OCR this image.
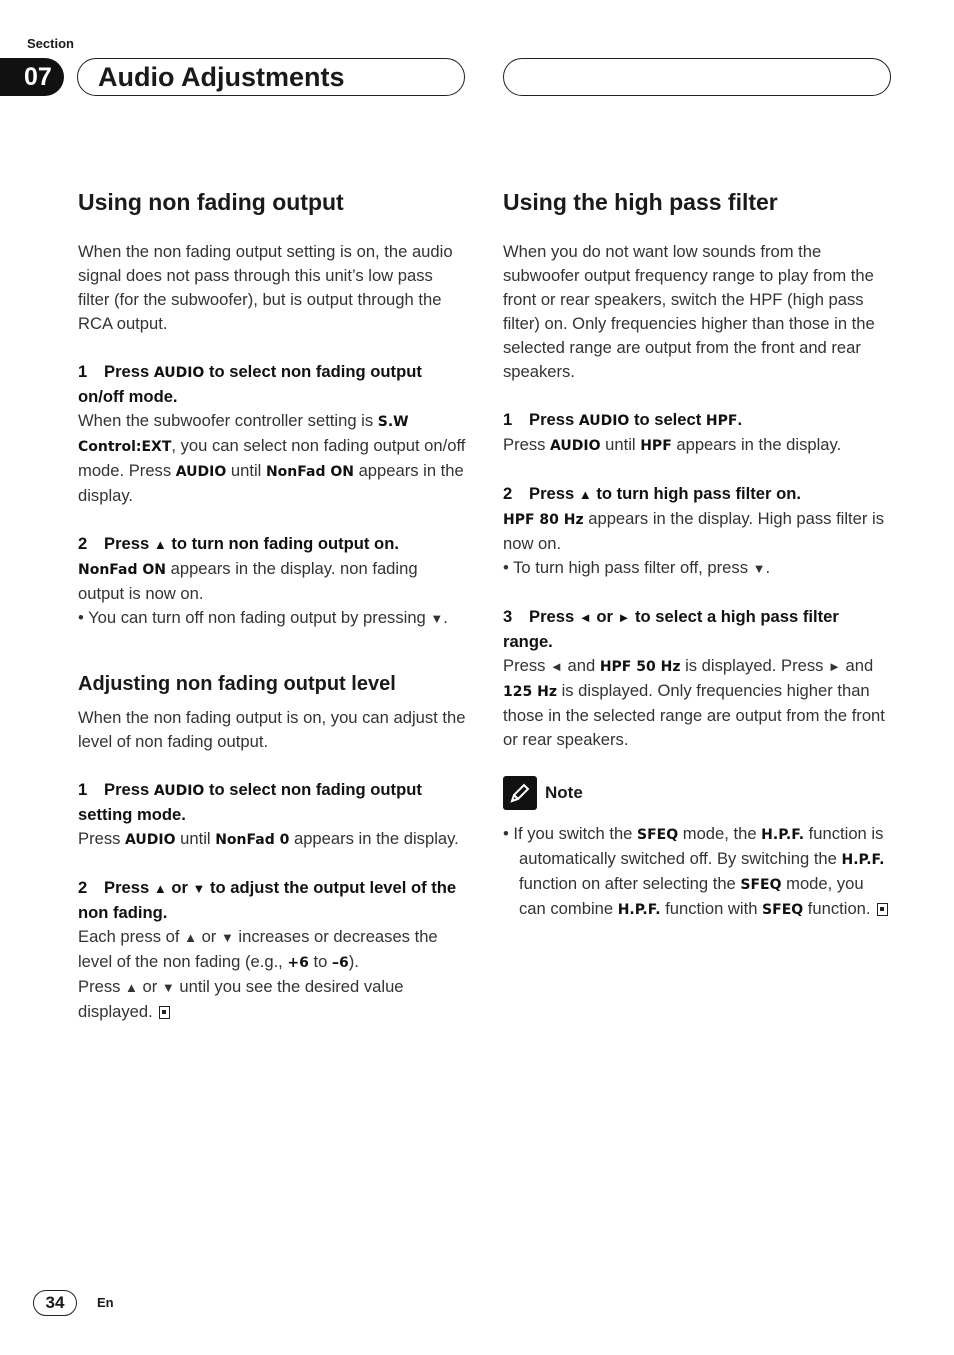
Section
07	Audio Adjustments
Using non fading output

When the non fading output setting is on, the audio signal does not pass through this unit’s low pass filter (for the subwoofer), but is output through the RCA output.

1 Press AUDIO to select non fading output on/off mode.

When the subwoofer controller setting is S.W Control:EXT, you can select non fading output on/off mode. Press AUDIO until NonFad ON appears in the display.

2 Press ▲ to turn non fading output on.

NonFad ON appears in the display. non fading output is now on.

• You can turn off non fading output by pressing ▼.

Adjusting non fading output level

When the non fading output is on, you can adjust the level of non fading output.

1 Press AUDIO to select non fading output setting mode.

Press AUDIO until NonFad 0 appears in the display.

2 Press ▲ or ▼ to adjust the output level of the non fading.

Each press of ▲ or ▼ increases or decreases the level of the non fading (e.g., +6 to –6).

Press ▲ or ▼ until you see the desired value displayed.

Using the high pass filter

When you do not want low sounds from the subwoofer output frequency range to play from the front or rear speakers, switch the HPF (high pass filter) on. Only frequencies higher than those in the selected range are output from the front and rear speakers.

1 Press AUDIO to select HPF.

Press AUDIO until HPF appears in the display.

2 Press ▲ to turn high pass filter on.

HPF 80 Hz appears in the display. High pass filter is now on.

• To turn high pass filter off, press ▼.

3 Press ◄ or ► to select a high pass filter range.

Press ◄ and HPF 50 Hz is displayed. Press ► and 125 Hz is displayed. Only frequencies higher than those in the selected range are output from the front or rear speakers.

Note

• If you switch the SFEQ mode, the H.P.F. function is automatically switched off. By switching the H.P.F. function on after selecting the SFEQ mode, you can combine H.P.F. function with SFEQ function.

34	En
